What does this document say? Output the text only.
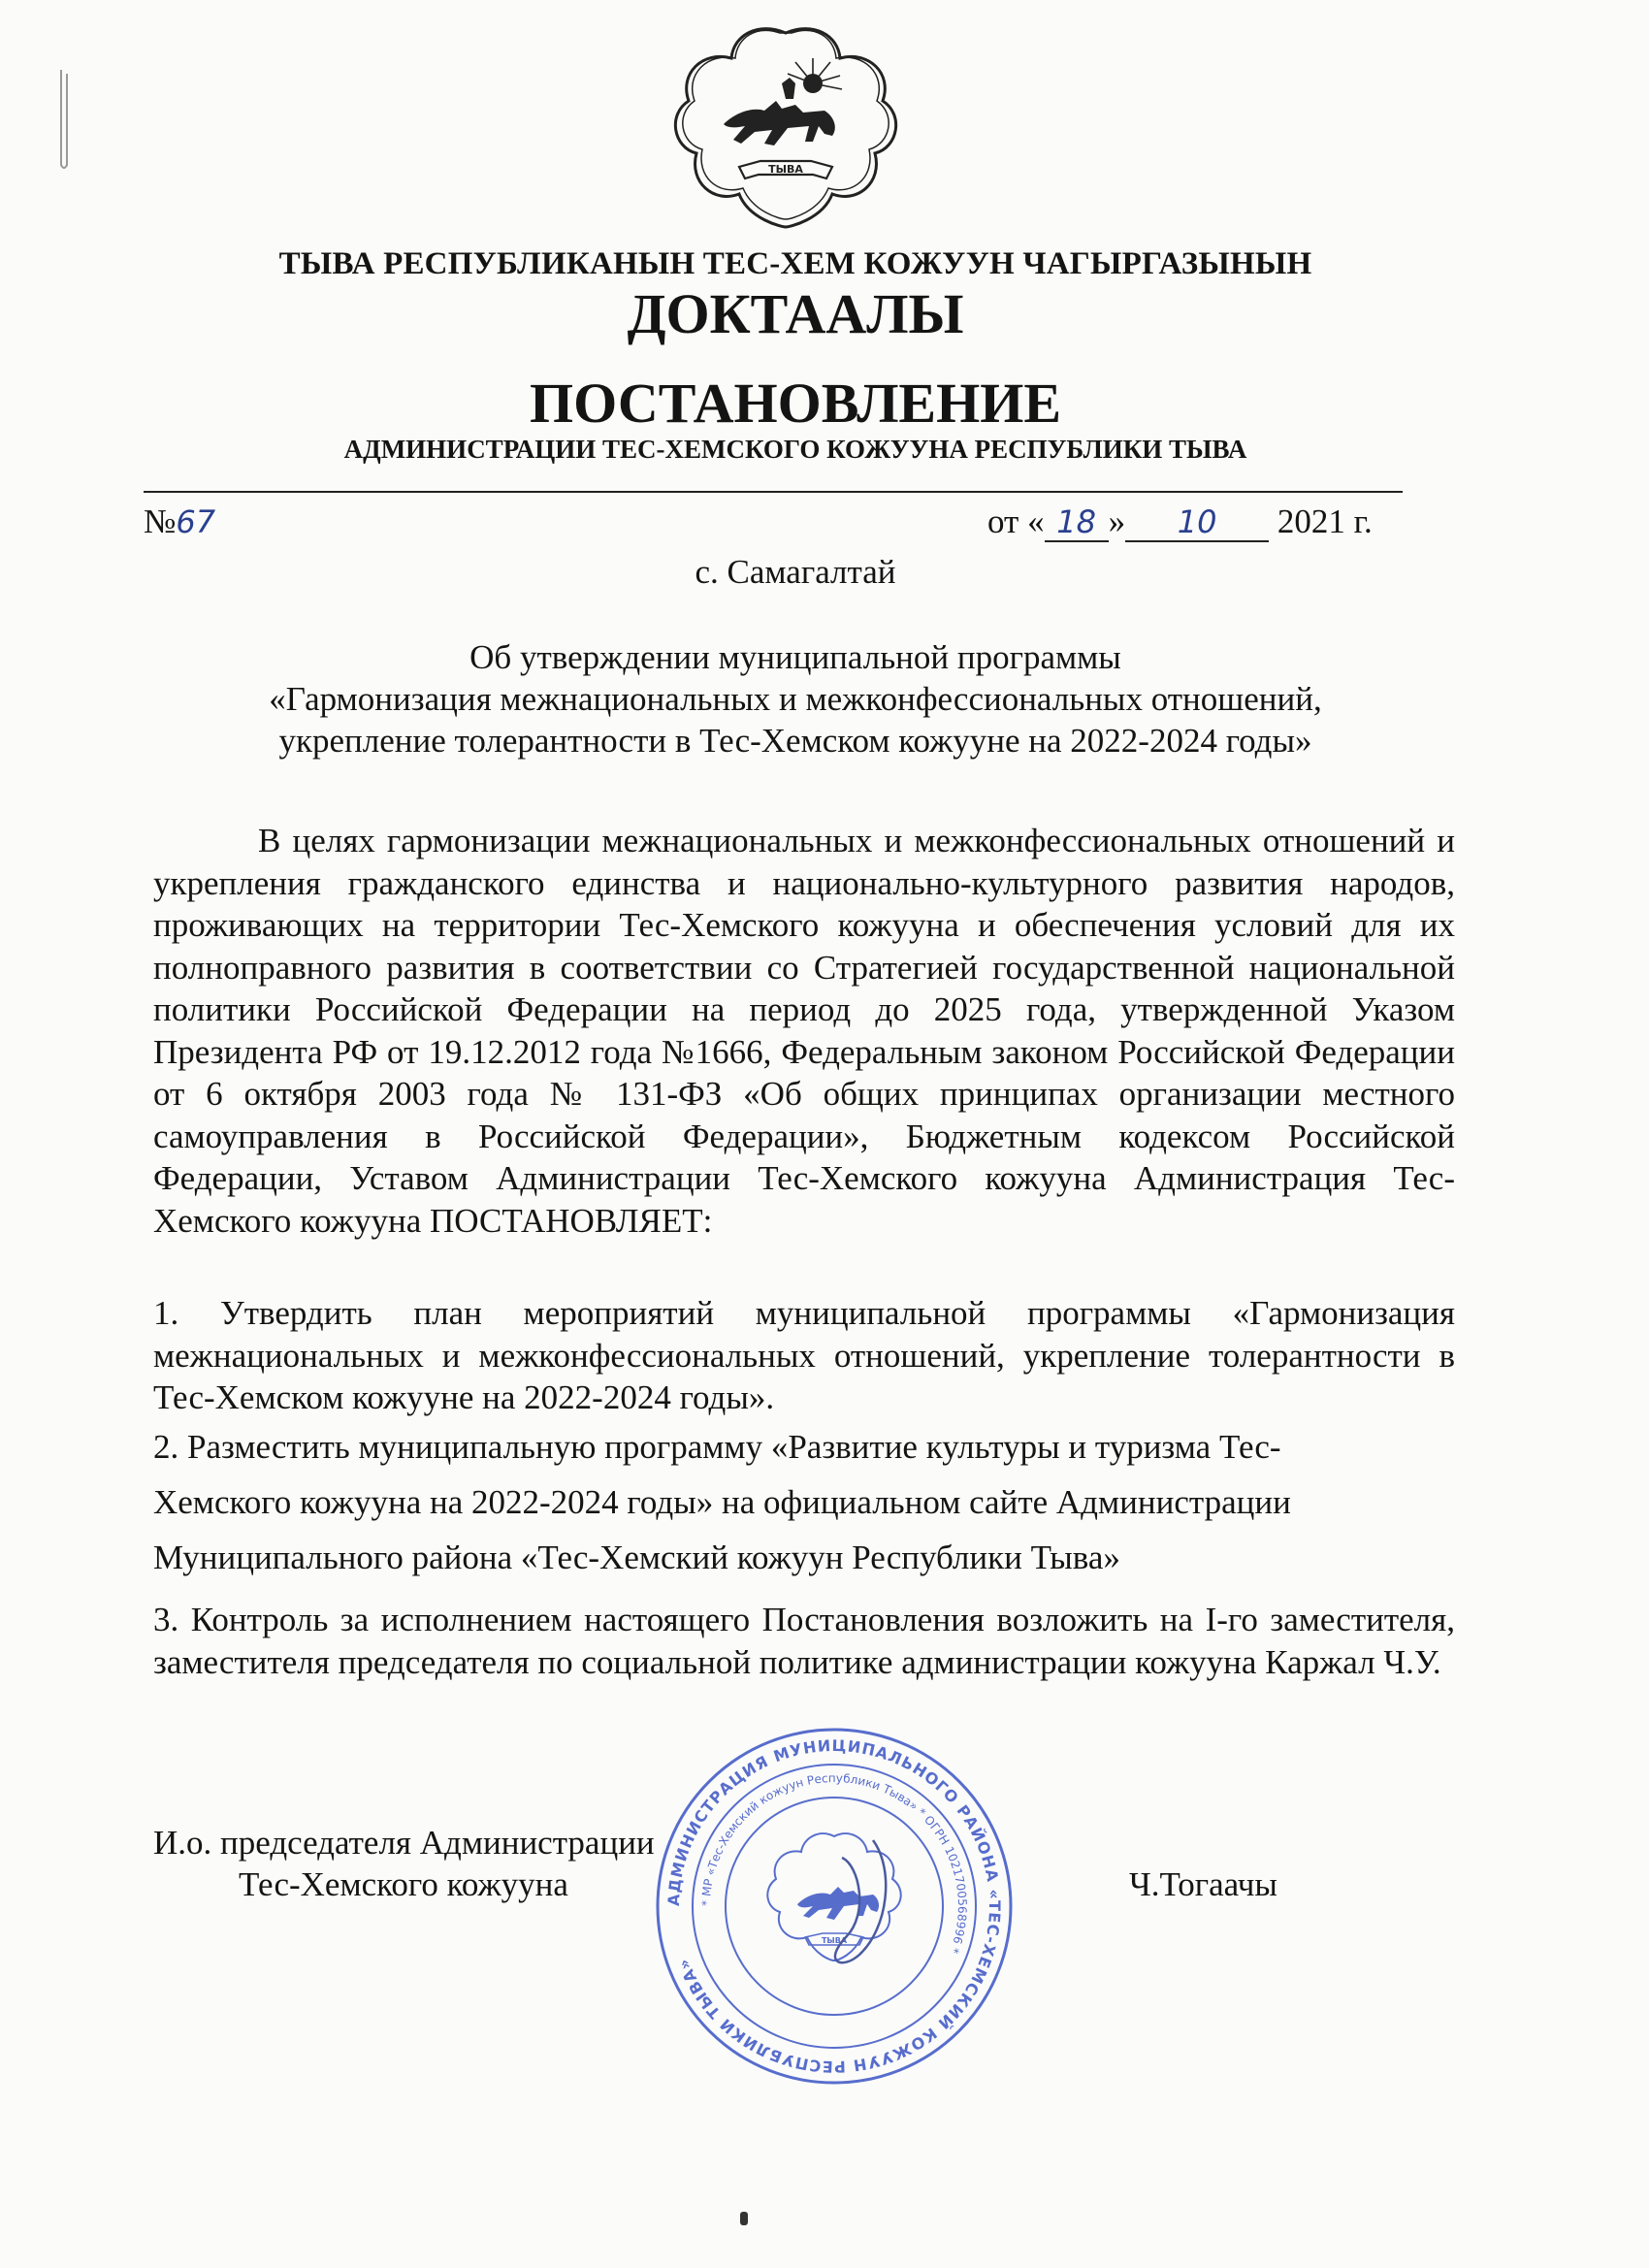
ТЫВА
ТЫВА РЕСПУБЛИКАНЫН ТЕС-ХЕМ КОЖУУН ЧАГЫРГАЗЫНЫН
ДОКТААЛЫ
ПОСТАНОВЛЕНИЕ
АДМИНИСТРАЦИИ ТЕС-ХЕМСКОГО КОЖУУНА РЕСПУБЛИКИ ТЫВА
№67	от « 18 » 10 2021 г.
с. Самагалтай
Об утверждении муниципальной программы
«Гармонизация межнациональных и межконфессиональных отношений,
укрепление толерантности в Тес-Хемском кожууне на 2022-2024 годы»

В целях гармонизации межнациональных и межконфессиональных отношений и укрепления гражданского единства и национально-культурного развития народов, проживающих на территории Тес-Хемского кожууна и обеспечения условий для их полноправного развития в соответствии со Стратегией государственной национальной политики Российской Федерации на период до 2025 года, утвержденной Указом Президента РФ от 19.12.2012 года №1666, Федеральным законом Российской Федерации от 6 октября 2003 года № 131-ФЗ «Об общих принципах организации местного самоуправления в Российской Федерации», Бюджетным кодексом Российской Федерации, Уставом Администрации Тес-Хемского кожууна Администрация Тес-Хемского кожууна ПОСТАНОВЛЯЕТ:

1. Утвердить план мероприятий муниципальной программы «Гармонизация межнациональных и межконфессиональных отношений, укрепление толерантности в Тес-Хемском кожууне на 2022-2024 годы».

2. Разместить муниципальную программу «Развитие культуры и туризма Тес-

Хемского кожууна на 2022-2024 годы» на официальном сайте Администрации

Муниципального района «Тес-Хемский кожуун Республики Тыва»

3. Контроль за исполнением настоящего Постановления возложить на I-го заместителя, заместителя председателя по социальной политике администрации кожууна Каржал Ч.У.

И.о. председателя Администрации
Тес-Хемского кожууна	Ч.Тогаачы
АДМИНИСТРАЦИЯ МУНИЦИПАЛЬНОГО РАЙОНА «ТЕС-ХЕМСКИЙ КОЖУУН РЕСПУБЛИКИ ТЫВА»
* МР «Тес-Хемский кожуун Республики Тыва» * ОГРН 1021700568996 *
ТЫВА
